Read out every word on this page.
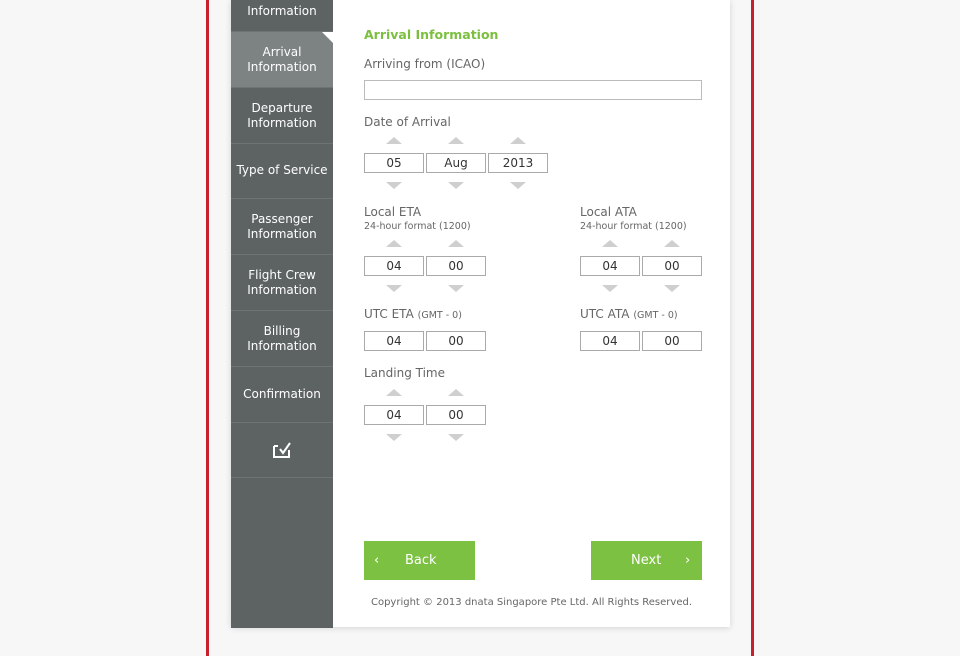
Information
Arrival Information
Departure Information
Type of Service
Passenger Information
Flight Crew Information
Billing Information
Confirmation

Arrival Information
Arriving from (ICAO)
Date of Arrival
05	Aug	2013
Local ETA
24-hour format (1200)
04	00
Local ATA
24-hour format (1200)
04	00
UTC ETA (GMT - 0)
04	00
UTC ATA (GMT - 0)
04	00
Landing Time
04	00
‹ Back	Next ›
Copyright © 2013 dnata Singapore Pte Ltd. All Rights Reserved.
